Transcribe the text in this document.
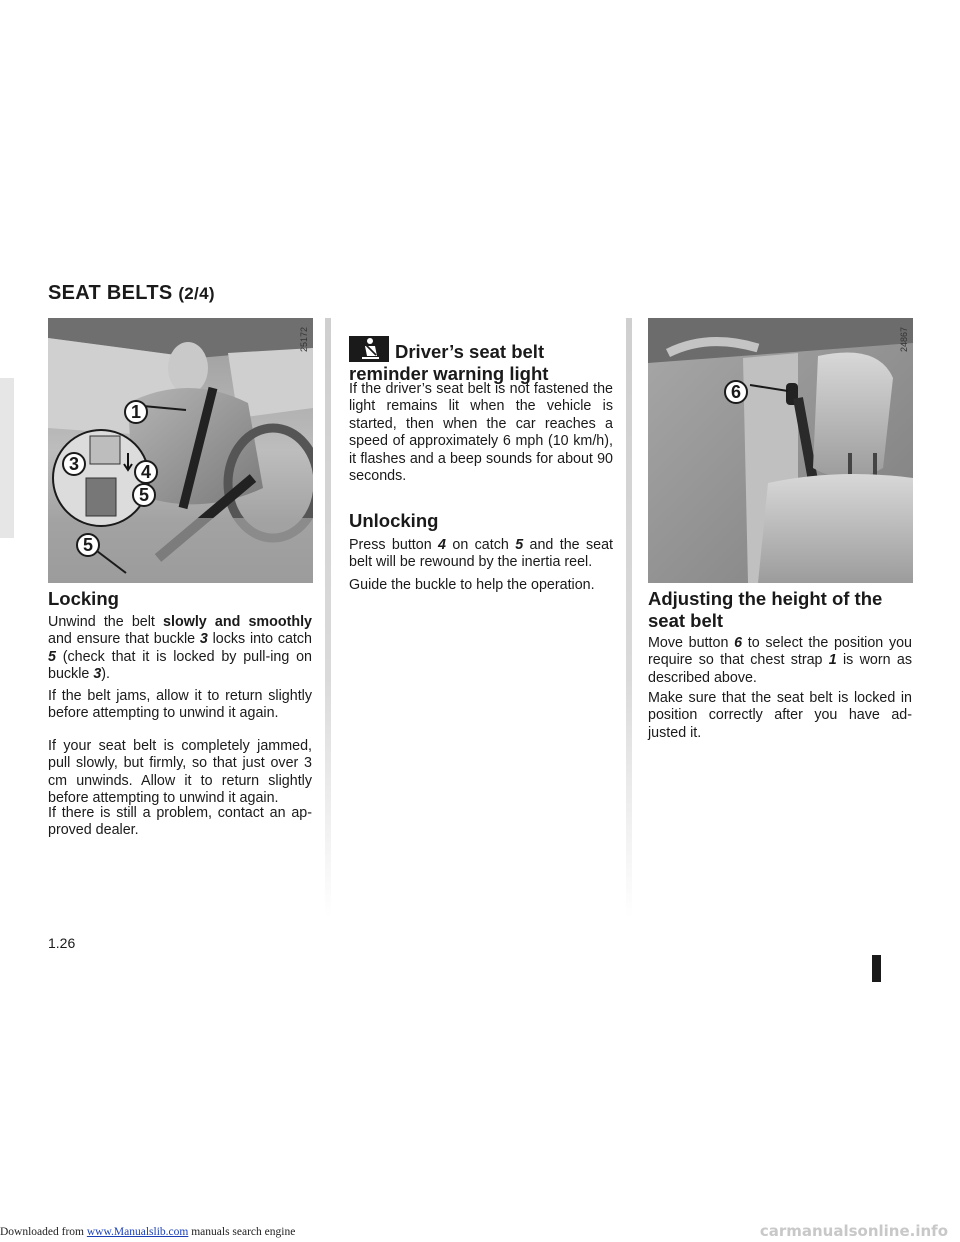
SEAT BELTS (2/4)
1
3	4
5
5
25172
6
24867
Locking
Unwind the belt slowly and smoothly and ensure that buckle 3 locks into catch 5 (check that it is locked by pull-ing on buckle 3).
If the belt jams, allow it to return slightly before attempting to unwind it again.
If your seat belt is completely jammed, pull slowly, but firmly, so that just over 3 cm unwinds. Allow it to return slightly before attempting to unwind it again.
If there is still a problem, contact an ap-proved dealer.
Driver’s seat belt
reminder warning light
If the driver’s seat belt is not fastened the light remains lit when the vehicle is started, then when the car reaches a speed of approximately 6 mph (10 km/h), it flashes and a beep sounds for about 90 seconds.
Unlocking
Press button 4 on catch 5 and the seat belt will be rewound by the inertia reel.
Guide the buckle to help the operation.
Adjusting the height of the
seat belt
Move button 6 to select the position you require so that chest strap 1 is worn as described above.
Make sure that the seat belt is locked in position correctly after you have ad-justed it.
1.26
Downloaded from www.Manualslib.com manuals search engine	carmanualsonline.info
